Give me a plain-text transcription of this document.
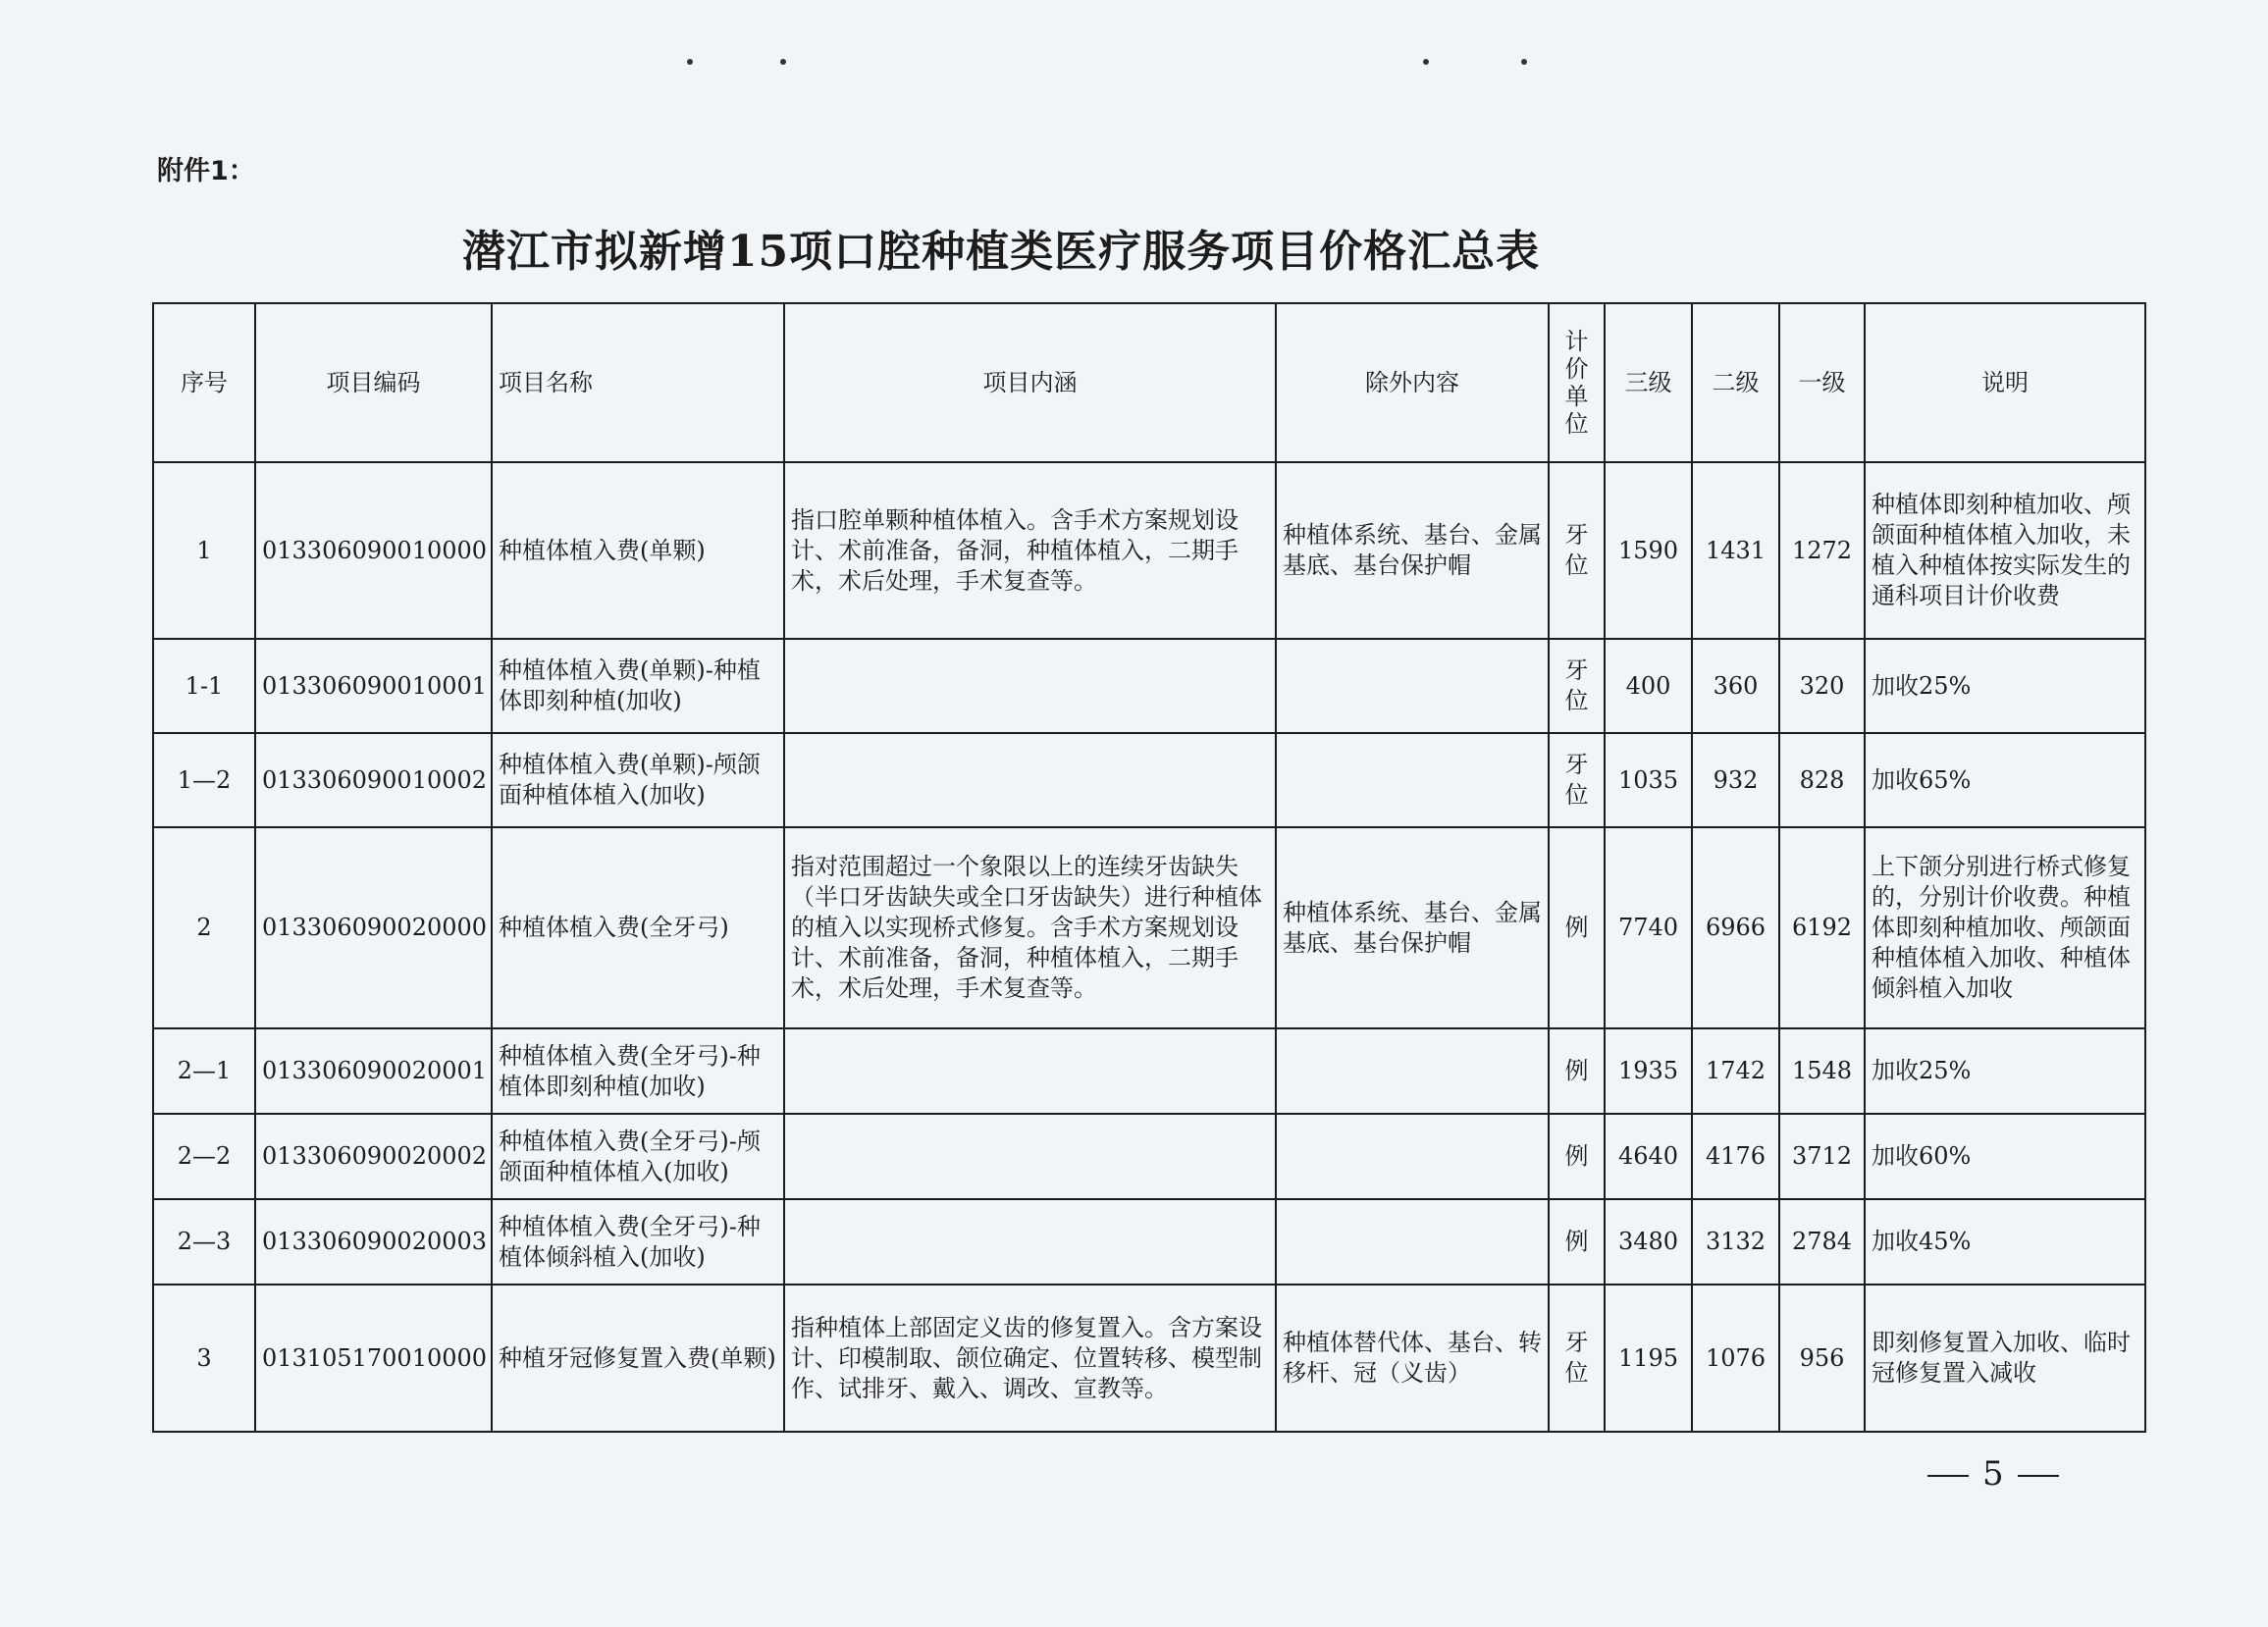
附件1：
潜江市拟新增15项口腔种植类医疗服务项目价格汇总表
序号	项目编码	项目名称	项目内涵	除外内容	计价单位	三级	二级	一级	说明
1	013306090010000	种植体植入费(单颗)	指口腔单颗种植体植入。含手术方案规划设计、术前准备，备洞，种植体植入，二期手术，术后处理，手术复查等。	种植体系统、基台、金属基底、基台保护帽	牙位	1590	1431	1272	种植体即刻种植加收、颅颌面种植体植入加收，未植入种植体按实际发生的通科项目计价收费
1-1	013306090010001	种植体植入费(单颗)-种植体即刻种植(加收)			牙位	400	360	320	加收25%
1—2	013306090010002	种植体植入费(单颗)-颅颌面种植体植入(加收)			牙位	1035	932	828	加收65%
2	013306090020000	种植体植入费(全牙弓)	指对范围超过一个象限以上的连续牙齿缺失（半口牙齿缺失或全口牙齿缺失）进行种植体的植入以实现桥式修复。含手术方案规划设计、术前准备，备洞，种植体植入，二期手术，术后处理，手术复查等。	种植体系统、基台、金属基底、基台保护帽	例	7740	6966	6192	上下颌分别进行桥式修复的，分别计价收费。种植体即刻种植加收、颅颌面种植体植入加收、种植体倾斜植入加收
2—1	013306090020001	种植体植入费(全牙弓)-种植体即刻种植(加收)			例	1935	1742	1548	加收25%
2—2	013306090020002	种植体植入费(全牙弓)-颅颌面种植体植入(加收)			例	4640	4176	3712	加收60%
2—3	013306090020003	种植体植入费(全牙弓)-种植体倾斜植入(加收)			例	3480	3132	2784	加收45%
3	013105170010000	种植牙冠修复置入费(单颗)	指种植体上部固定义齿的修复置入。含方案设计、印模制取、颌位确定、位置转移、模型制作、试排牙、戴入、调改、宣教等。	种植体替代体、基台、转移杆、冠（义齿）	牙位	1195	1076	956	即刻修复置入加收、临时冠修复置入减收
5
